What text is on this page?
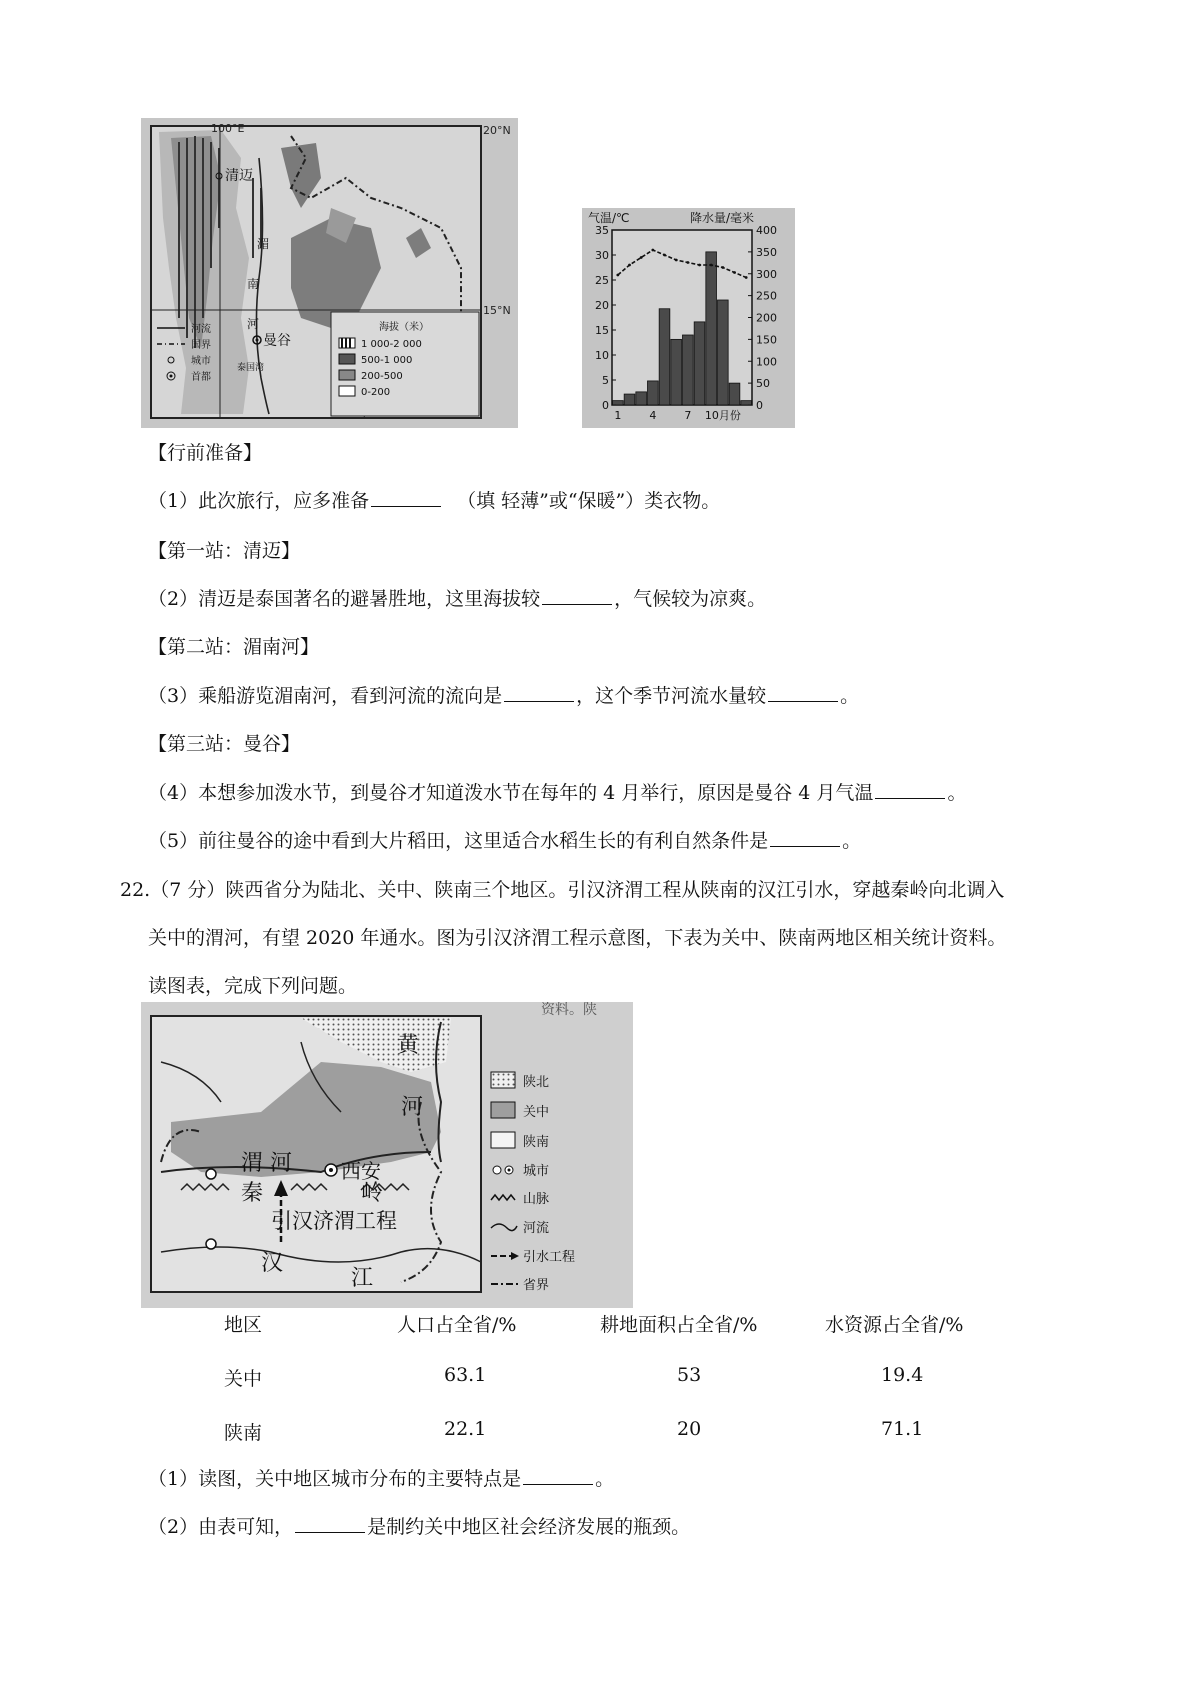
100°E	20°N
15°N
清迈
湄
南
河
曼谷
泰国湾
河流
国界
城市
首都
海拔（米）
1 000-2 000
500-1 000
200-500
0-200
气温/℃	降水量/毫米
0
5
10
15
20
25
30
35
0
50
100
150
200
250
300
350
400
1	4	7 10月份
【行前准备】
（1）此次旅行，应多准备	（填 轻薄”或“保暖”）类衣物。
【第一站：清迈】
（2）清迈是泰国著名的避暑胜地，这里海拔较	，气候较为凉爽。
【第二站：湄南河】
（3）乘船游览湄南河，看到河流的流向是	，这个季节河流水量较	。
【第三站：曼谷】
（4）本想参加泼水节，到曼谷才知道泼水节在每年的 4 月举行，原因是曼谷 4 月气温	。
（5）前往曼谷的途中看到大片稻田，这里适合水稻生长的有利自然条件是	。
22.（7 分）陕西省分为陆北、关中、陕南三个地区。引汉济渭工程从陕南的汉江引水，穿越秦岭向北调入
关中的渭河，有望 2020 年通水。图为引汉济渭工程示意图，下表为关中、陕南两地区相关统计资料。
读图表，完成下列问题。
资料。陕
渭 河 西安
秦	岭
引汉济渭工程
汉
江
黄
河
陕北
关中
陕南
城市
山脉
河流
引水工程
省界
地区	人口占全省/%	耕地面积占全省/%	水资源占全省/%
关中	63.1	53	19.4
陕南	22.1	20	71.1
（1）读图，关中地区城市分布的主要特点是	。
（2）由表可知，	是制约关中地区社会经济发展的瓶颈。
